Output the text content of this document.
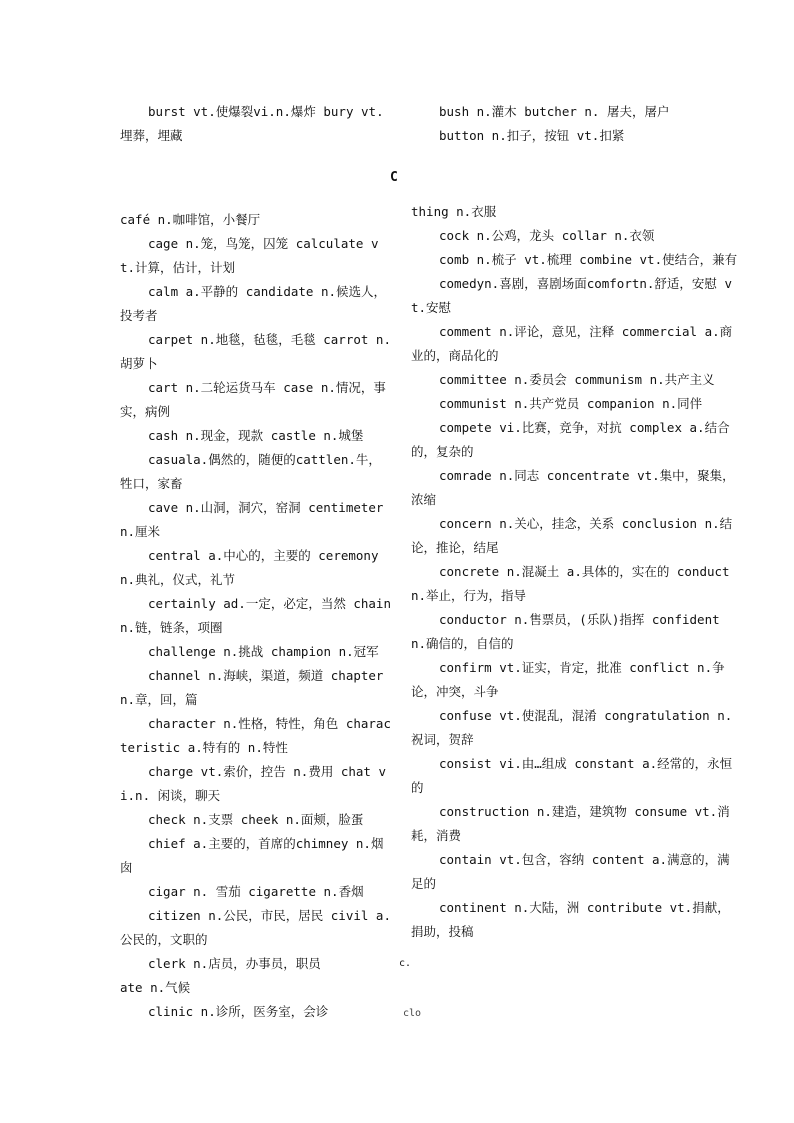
burst vt.使爆裂vi.n.爆炸 bury vt.埋葬，埋藏

bush n.灌木 butcher n. 屠夫，屠户

button n.扣子，按钮 vt.扣紧

C

café n.咖啡馆，小餐厅

cage n.笼，鸟笼，囚笼 calculate vt.计算，估计，计划

calm a.平静的 candidate n.候选人，投考者

carpet n.地毯，毡毯，毛毯 carrot n.胡萝卜

cart n.二轮运货马车 case n.情况，事实，病例

cash n.现金，现款 castle n.城堡

casuala.偶然的，随便的cattlen.牛，牲口，家畜

cave n.山洞，洞穴，窑洞 centimeter n.厘米

central a.中心的，主要的 ceremony n.典礼，仪式，礼节

certainly ad.一定，必定，当然 chain n.链，链条，项圈

challenge n.挑战 champion n.冠军

channel n.海峡，渠道，频道 chapter n.章，回，篇

character n.性格，特性，角色 characteristic a.特有的 n.特性

charge vt.索价，控告 n.费用 chat vi.n. 闲谈，聊天

check n.支票 cheek n.面颊，脸蛋

chief a.主要的，首席的chimney n.烟囱

cigar n. 雪茄 cigarette n.香烟

citizen n.公民，市民，居民 civil a.公民的，文职的

clerk n.店员，办事员，职员

ate n.气候

clinic n.诊所，医务室，会诊

thing n.衣服

cock n.公鸡，龙头 collar n.衣领

comb n.梳子 vt.梳理 combine vt.使结合，兼有

comedyn.喜剧，喜剧场面comfortn.舒适，安慰 vt.安慰

comment n.评论，意见，注释 commercial a.商业的，商品化的

committee n.委员会 communism n.共产主义

communist n.共产党员 companion n.同伴

compete vi.比赛，竞争，对抗 complex a.结合的，复杂的

comrade n.同志 concentrate vt.集中，聚集，浓缩

concern n.关心，挂念，关系 conclusion n.结论，推论，结尾

concrete n.混凝土 a.具体的，实在的 conduct n.举止，行为，指导

conductor n.售票员，(乐队)指挥 confident n.确信的，自信的

confirm vt.证实，肯定，批准 conflict n.争论，冲突，斗争

confuse vt.使混乱，混淆 congratulation n. 祝词，贺辞

consist vi.由…组成 constant a.经常的，永恒的

construction n.建造，建筑物 consume vt.消耗，消费

contain vt.包含，容纳 content a.满意的，满足的

continent n.大陆，洲 contribute vt.捐献，捐助，投稿

c.
clo
